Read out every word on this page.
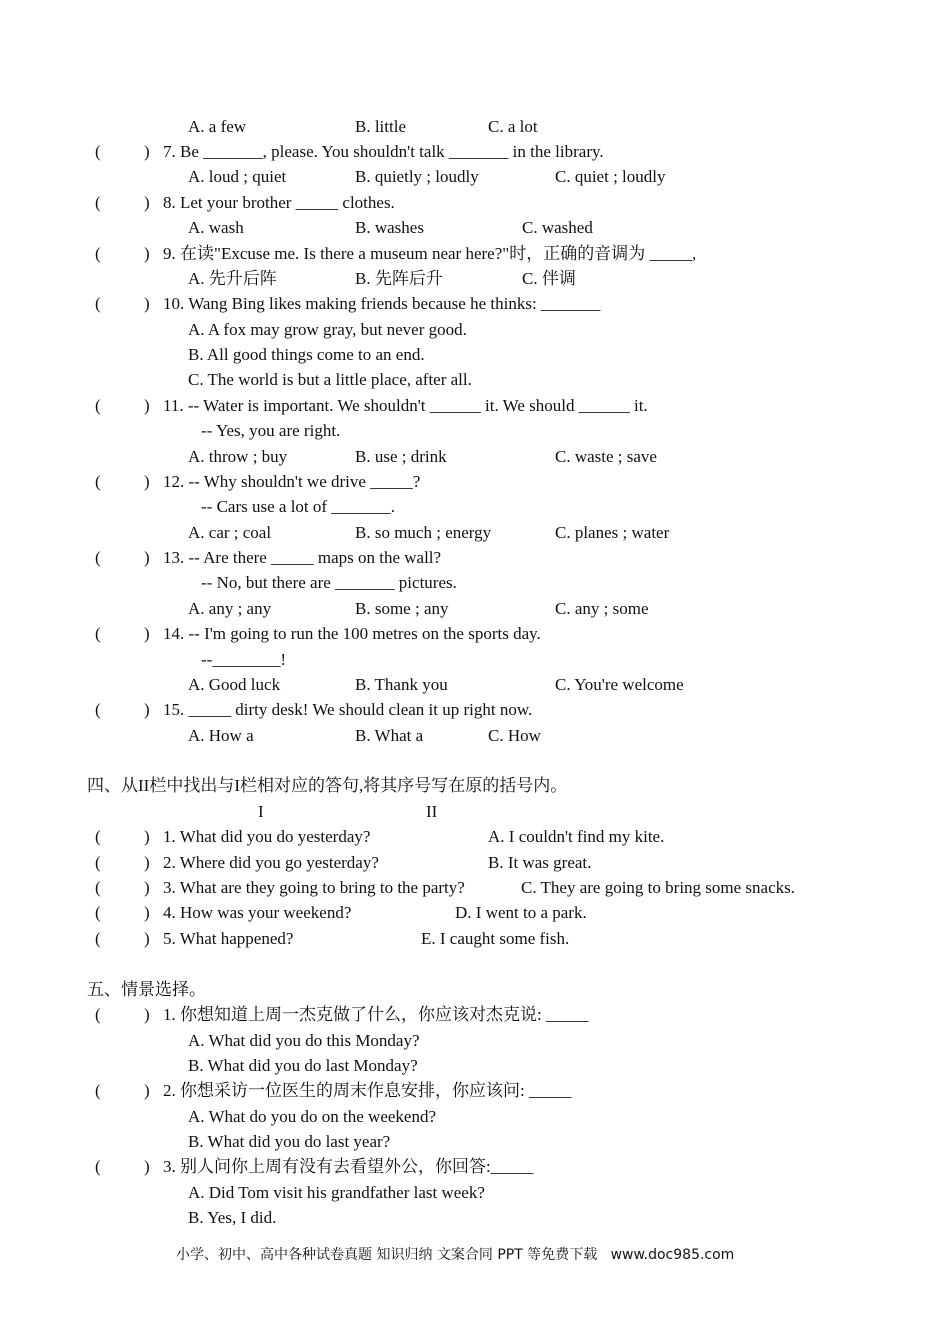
A. a few	B. little	C. a lot
(	) 7. Be _______, please. You shouldn't talk _______ in the library.
A. loud ; quiet	B. quietly ; loudly	C. quiet ; loudly
(	) 8. Let your brother _____ clothes.
A. wash	B. washes	C. washed
(	) 9. 在读"Excuse me. Is there a museum near here?"时，正确的音调为 _____,
A. 先升后阵	B. 先阵后升	C. 伴调
(	) 10. Wang Bing likes making friends because he thinks: _______
A. A fox may grow gray, but never good.
B. All good things come to an end.
C. The world is but a little place, after all.
(	) 11. -- Water is important. We shouldn't ______ it. We should ______ it.
-- Yes, you are right.
A. throw ; buy	B. use ; drink	C. waste ; save
(	) 12. -- Why shouldn't we drive _____?
-- Cars use a lot of _______.
A. car ; coal	B. so much ; energy	C. planes ; water
(	) 13. -- Are there _____ maps on the wall?
-- No, but there are _______ pictures.
A. any ; any	B. some ; any	C. any ; some
(	) 14. -- I'm going to run the 100 metres on the sports day.
--________!
A. Good luck	B. Thank you	C. You're welcome
(	) 15. _____ dirty desk! We should clean it up right now.
A. How a	B. What a	C. How
四、从II栏中找出与I栏相对应的答句,将其序号写在原的括号内。
I	II
(	) 1. What did you do yesterday?	A. I couldn't find my kite.
(	) 2. Where did you go yesterday?	B. It was great.
(	) 3. What are they going to bring to the party?	C. They are going to bring some snacks.
(	) 4. How was your weekend?	D. I went to a park.
(	) 5. What happened?	E. I caught some fish.
五、情景选择。
(	) 1. 你想知道上周一杰克做了什么，你应该对杰克说: _____
A. What did you do this Monday?
B. What did you do last Monday?
(	) 2. 你想采访一位医生的周末作息安排，你应该问: _____
A. What do you do on the weekend?
B. What did you do last year?
(	) 3. 别人问你上周有没有去看望外公，你回答:_____
A. Did Tom visit his grandfather last week?
B. Yes, I did.
小学、初中、高中各种试卷真题 知识归纳 文案合同 PPT 等免费下载   www.doc985.com
